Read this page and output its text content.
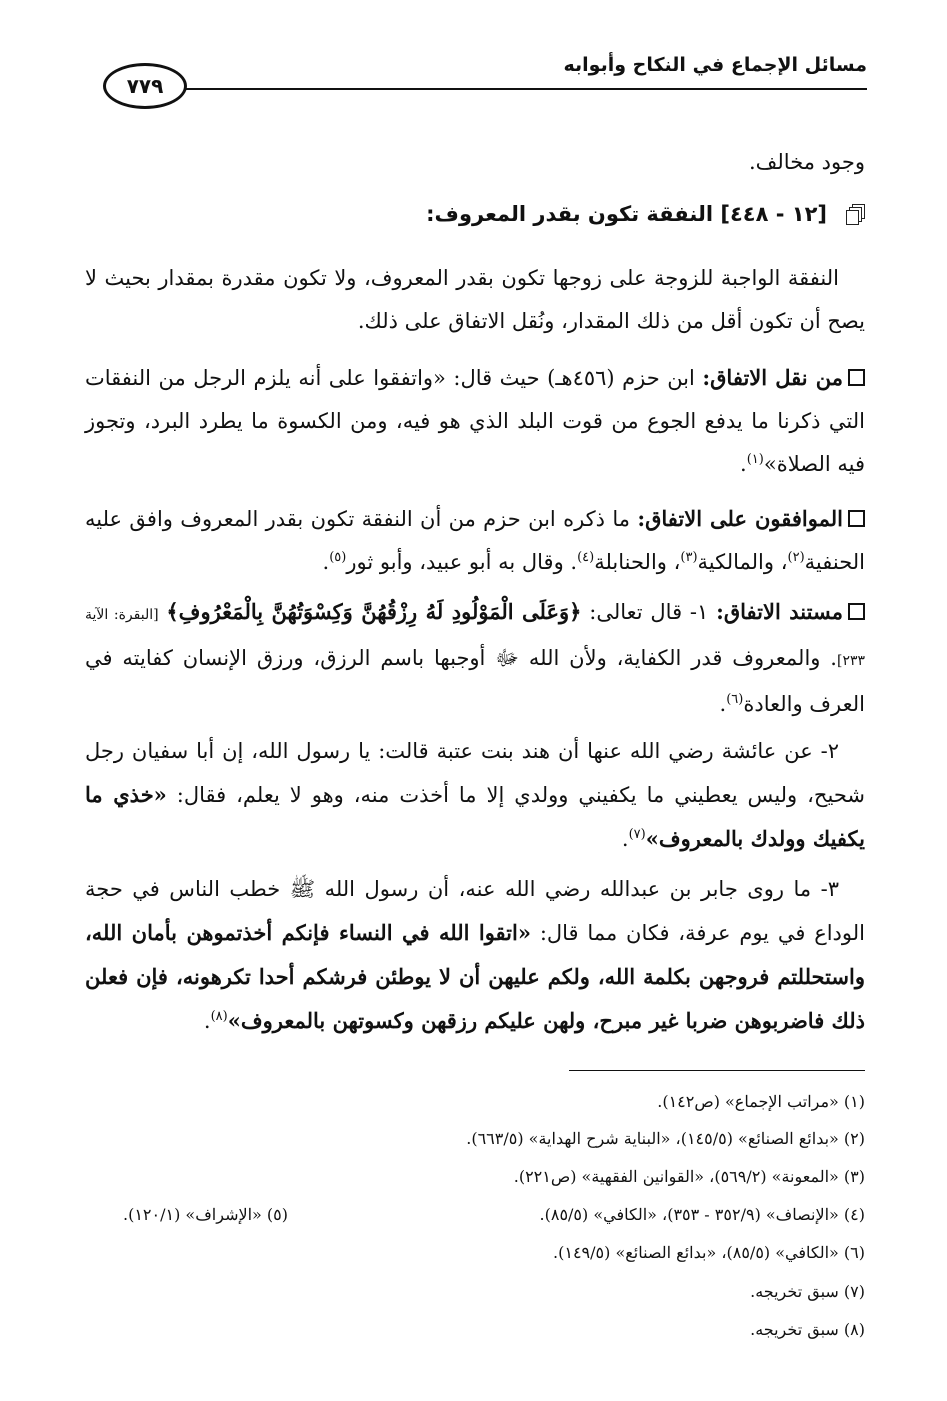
مسائل الإجماع في النكاح وأبوابه
٧٧٩

وجود مخالف.

[١٢ - ٤٤٨] النفقة تكون بقدر المعروف:

النفقة الواجبة للزوجة على زوجها تكون بقدر المعروف، ولا تكون مقدرة بمقدار بحيث لا يصح أن تكون أقل من ذلك المقدار، ونُقل الاتفاق على ذلك.

من نقل الاتفاق: ابن حزم (٤٥٦هـ) حيث قال: «واتفقوا على أنه يلزم الرجل من النفقات التي ذكرنا ما يدفع الجوع من قوت البلد الذي هو فيه، ومن الكسوة ما يطرد البرد، وتجوز فيه الصلاة»$^{(١)}$.

الموافقون على الاتفاق: ما ذكره ابن حزم من أن النفقة تكون بقدر المعروف وافق عليه الحنفية$^{(٢)}$، والمالكية$^{(٣)}$، والحنابلة$^{(٤)}$. وقال به أبو عبيد، وأبو ثور$^{(٥)}$.

مستند الاتفاق: ١- قال تعالى: ﴿وَعَلَى الْمَوْلُودِ لَهُ رِزْقُهُنَّ وَكِسْوَتُهُنَّ بِالْمَعْرُوفِ﴾ [البقرة: الآية ٢٣٣]. والمعروف قدر الكفاية، ولأن الله ﷻ أوجبها باسم الرزق، ورزق الإنسان كفايته في العرف والعادة$^{(٦)}$.

٢- عن عائشة رضي الله عنها أن هند بنت عتبة قالت: يا رسول الله، إن أبا سفيان رجل شحيح، وليس يعطيني ما يكفيني وولدي إلا ما أخذت منه، وهو لا يعلم، فقال: «خذي ما يكفيك وولدك بالمعروف»$^{(٧)}$.

٣- ما روى جابر بن عبدالله رضي الله عنه، أن رسول الله ﷺ خطب الناس في حجة الوداع في يوم عرفة، فكان مما قال: «اتقوا الله في النساء فإنكم أخذتموهن بأمان الله، واستحللتم فروجهن بكلمة الله، ولكم عليهن أن لا يوطئن فرشكم أحدا تكرهونه، فإن فعلن ذلك فاضربوهن ضربا غير مبرح، ولهن عليكم رزقهن وكسوتهن بالمعروف»$^{(٨)}$.

(١) «مراتب الإجماع» (ص١٤٢).
(٢) «بدائع الصنائع» (١٤٥/٥)، «البناية شرح الهداية» (٦٦٣/٥).
(٣) «المعونة» (٥٦٩/٢)، «القوانين الفقهية» (ص٢٢١).
(٤) «الإنصاف» (٣٥٢/٩ - ٣٥٣)، «الكافي» (٨٥/٥).
(٥) «الإشراف» (١٢٠/١).
(٦) «الكافي» (٨٥/٥)، «بدائع الصنائع» (١٤٩/٥).
(٧) سبق تخريجه.
(٨) سبق تخريجه.
